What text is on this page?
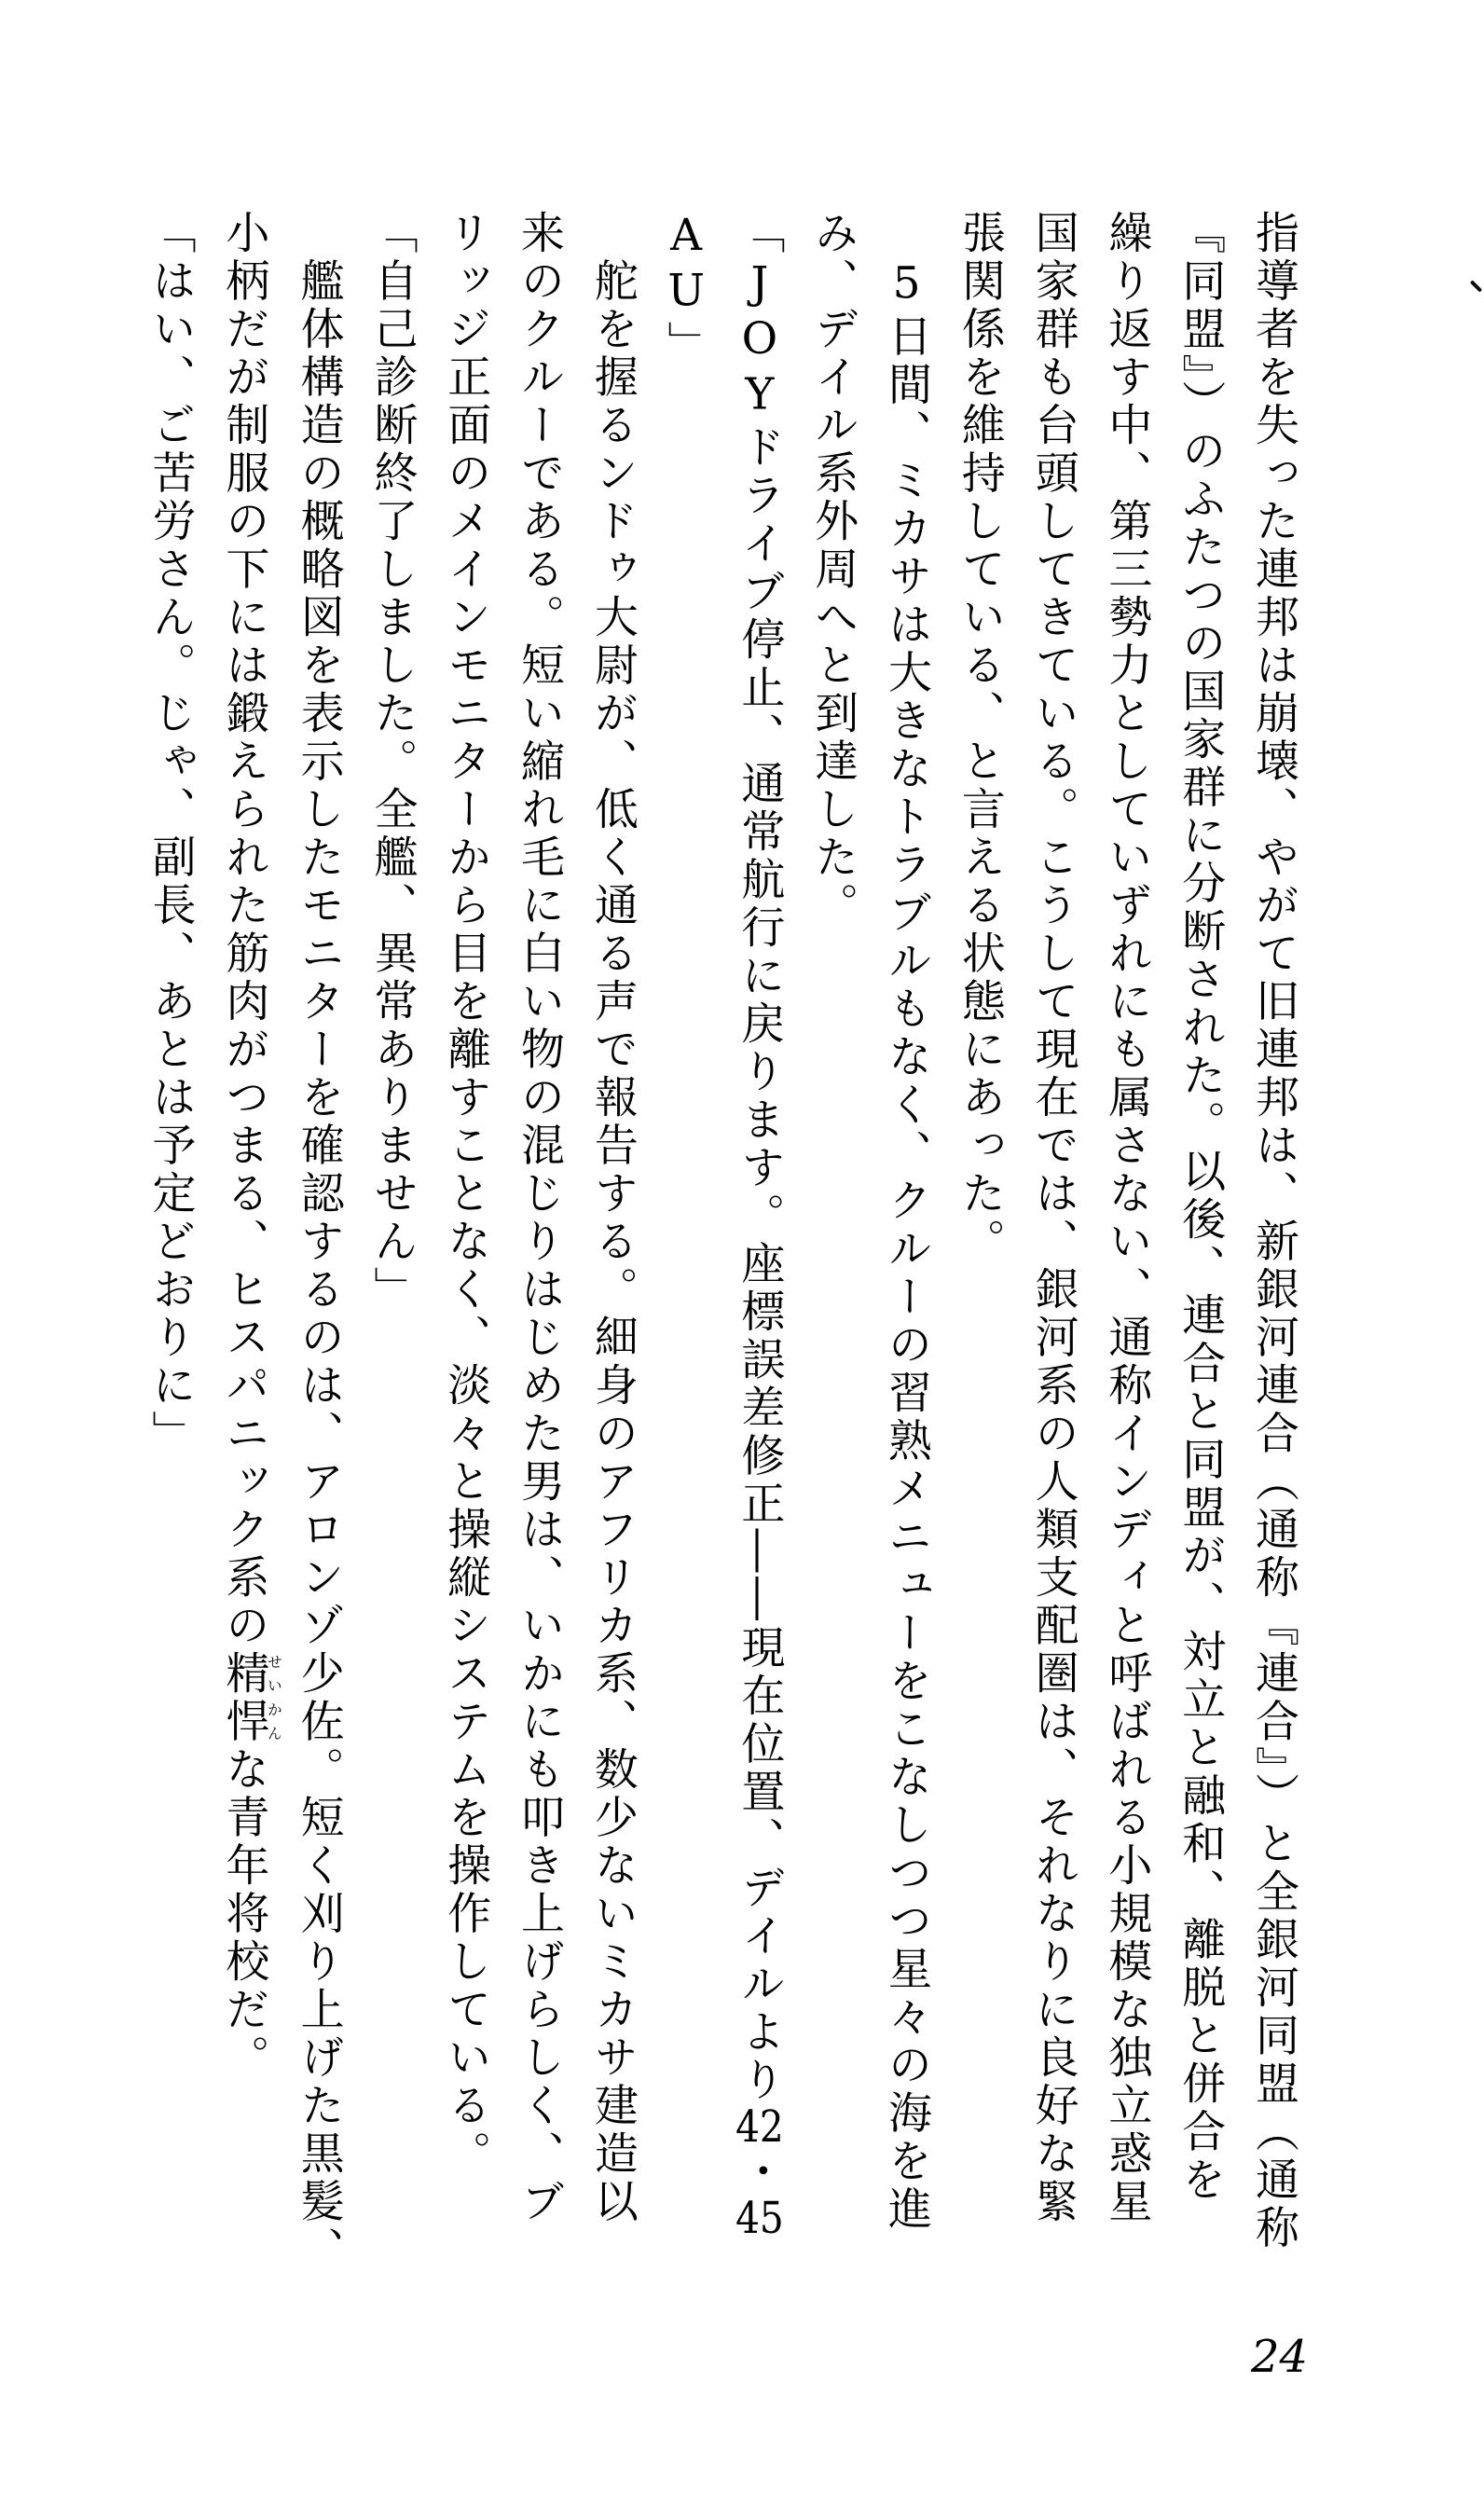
指導者を失った連邦は崩壊、やがて旧連邦は、新銀河連合（通称『連合』）と全銀河同盟（通称
『同盟』）のふたつの国家群に分断された。以後、連合と同盟が、対立と融和、離脱と併合を
繰り返す中、第三勢力としていずれにも属さない、通称インディと呼ばれる小規模な独立惑星
国家群も台頭してきている。こうして現在では、銀河系の人類支配圏は、それなりに良好な緊
張関係を維持している、と言える状態にあった。
　5日間、ミカサは大きなトラブルもなく、クルーの習熟メニューをこなしつつ星々の海を進
み、デイル系外周へと到達した。
「JOYドライブ停止、通常航行に戻ります。座標誤差修正――現在位置、デイルより42・45
AU」
　舵を握るンドゥ大尉が、低く通る声で報告する。細身のアフリカ系、数少ないミカサ建造以
来のクルーである。短い縮れ毛に白い物の混じりはじめた男は、いかにも叩き上げらしく、ブ
リッジ正面のメインモニターから目を離すことなく、淡々と操縦システムを操作している。
「自己診断終了しました。全艦、異常ありません」
　艦体構造の概略図を表示したモニターを確認するのは、アロンゾ少佐。短く刈り上げた黒髪、
小柄だが制服の下には鍛えられた筋肉がつまる、ヒスパニック系の精悍せいかんな青年将校だ。
「はい、ご苦労さん。じゃ、副長、あとは予定どおりに」
24
